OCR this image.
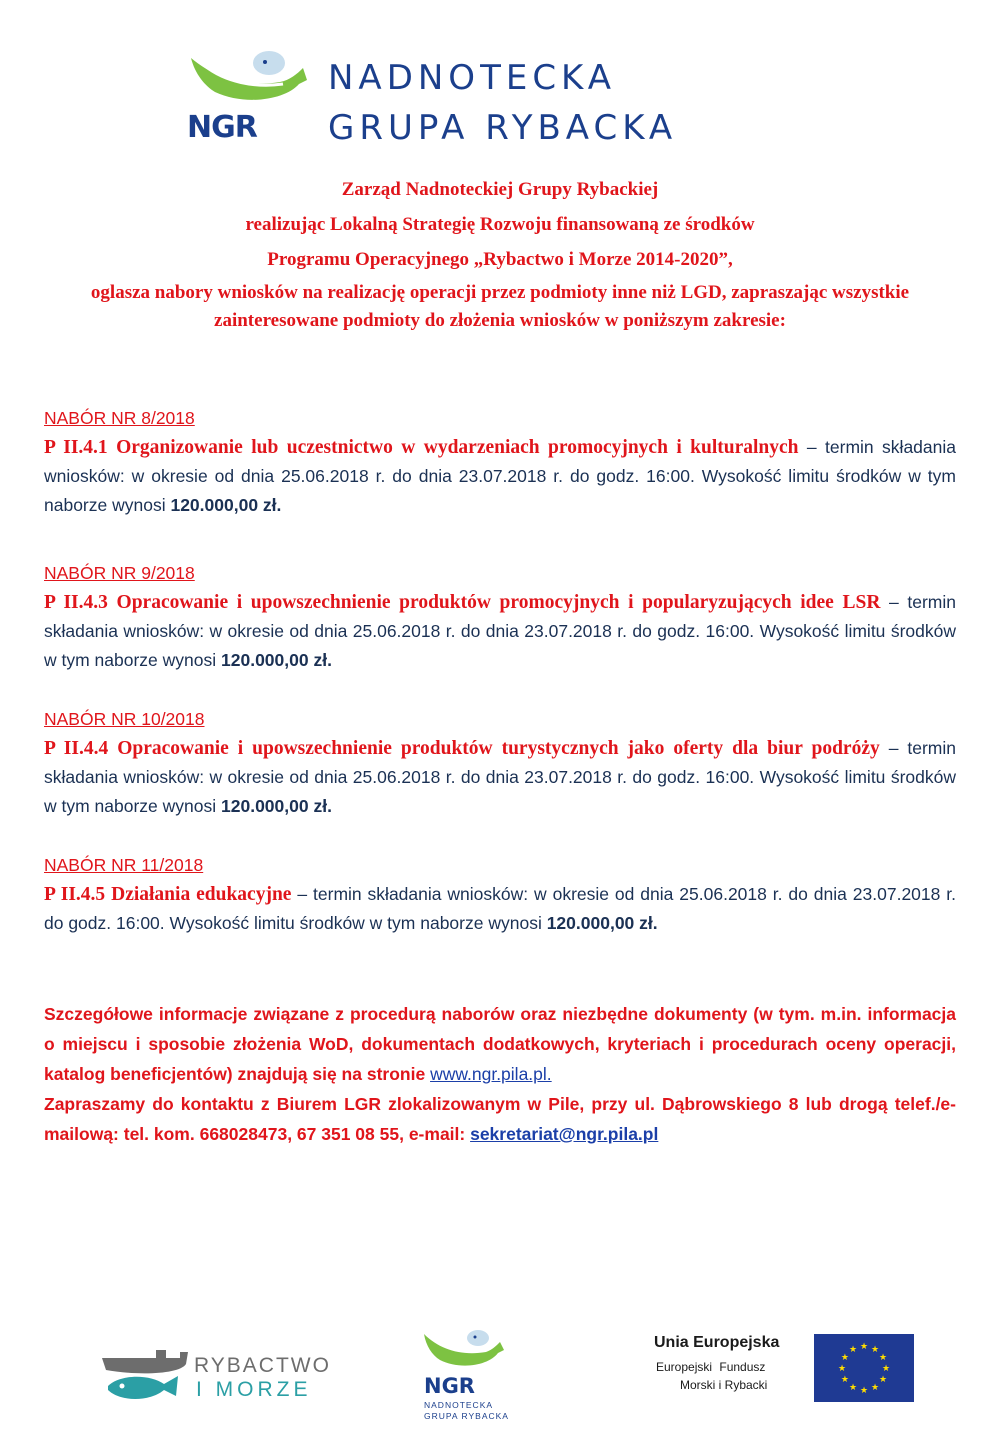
NGR
NADNOTECKA
GRUPA RYBACKA

Zarząd Nadnoteckiej Grupy Rybackiej

realizując Lokalną Strategię Rozwoju finansowaną ze środków

Programu Operacyjnego „Rybactwo i Morze 2014-2020”,

oglasza nabory wniosków na realizację operacji przez podmioty inne niż LGD, zapraszając wszystkie zainteresowane podmioty do złożenia wniosków w poniższym zakresie:

NABÓR NR 8/2018

P II.4.1 Organizowanie lub uczestnictwo w wydarzeniach promocyjnych i kulturalnych – termin składania wniosków: w okresie od dnia 25.06.2018 r. do dnia 23.07.2018 r. do godz. 16:00. Wysokość limitu środków w tym naborze wynosi 120.000,00 zł.

NABÓR NR 9/2018

P II.4.3 Opracowanie i upowszechnienie produktów promocyjnych i popularyzujących idee LSR – termin składania wniosków: w okresie od dnia 25.06.2018 r. do dnia 23.07.2018 r. do godz. 16:00. Wysokość limitu środków w tym naborze wynosi 120.000,00 zł.

NABÓR NR 10/2018

P II.4.4 Opracowanie i upowszechnienie produktów turystycznych jako oferty dla biur podróży – termin składania wniosków: w okresie od dnia 25.06.2018 r. do dnia 23.07.2018 r. do godz. 16:00. Wysokość limitu środków w tym naborze wynosi 120.000,00 zł.

NABÓR NR 11/2018

P II.4.5 Działania edukacyjne – termin składania wniosków: w okresie od dnia 25.06.2018 r. do dnia 23.07.2018 r. do godz. 16:00. Wysokość limitu środków w tym naborze wynosi 120.000,00 zł.

Szczegółowe informacje związane z procedurą naborów oraz niezbędne dokumenty (w tym. m.in. informacja o miejscu i sposobie złożenia WoD, dokumentach dodatkowych, kryteriach i procedurach oceny operacji, katalog beneficjentów) znajdują się na stronie www.ngr.pila.pl.

Zapraszamy do kontaktu z Biurem LGR zlokalizowanym w Pile, przy ul. Dąbrowskiego 8 lub drogą telef./e-mailową: tel. kom. 668028473, 67 351 08 55, e-mail: sekretariat@ngr.pila.pl

RYBACTWO
I MORZE	NGR
NADNOTECKA
GRUPA RYBACKA
Unia Europejska
Europejski Fundusz
Morski i Rybacki
★ ★
★
★
★
★
★
★
★
★
★
★
